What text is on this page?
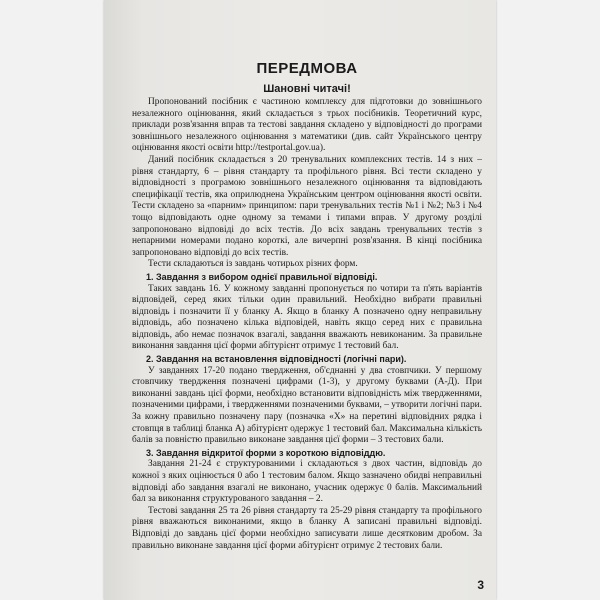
ПЕРЕДМОВА
Шановні читачі!

Пропонований посібник є частиною комплексу для підготовки до зовнішнього незалежного оцінювання, який складається з трьох посібників. Теоретичний курс, приклади розв'язання вправ та тестові завдання складено у відповідності до програми зовнішнього незалежного оцінювання з математики (див. сайт Українського центру оцінювання якості освіти http://testportal.gov.ua).

Даний посібник складається з 20 тренувальних комплексних тестів. 14 з них – рівня стандарту, 6 – рівня стандарту та профільного рівня. Всі тести складено у відповідності з програмою зовнішнього незалежного оцінювання та відповідають специфікації тестів, яка оприлюднена Українським центром оцінювання якості освіти. Тести складено за «парним» принципом: пари тренувальних тестів №1 і №2; №3 і №4 тощо відповідають одне одному за темами і типами вправ. У другому розділі запропоновано відповіді до всіх тестів. До всіх завдань тренувальних тестів з непарними номерами подано короткі, але вичерпні розв'язання. В кінці посібника запропоновано відповіді до всіх тестів.

Тести складаються із завдань чотирьох різних форм.

1. Завдання з вибором однієї правильної відповіді.

Таких завдань 16. У кожному завданні пропонується по чотири та п'ять варіантів відповідей, серед яких тільки один правильний. Необхідно вибрати правильні відповідь і позначити її у бланку А. Якщо в бланку А позначено одну неправильну відповідь, або позначено кілька відповідей, навіть якщо серед них є правильна відповідь, або немає позначок взагалі, завдання вважають невиконаним. За правильне виконання завдання цієї форми абітурієнт отримує 1 тестовий бал.

2. Завдання на встановлення відповідності (логічні пари).

У завданнях 17-20 подано твердження, об'єднанні у два стовпчики. У першому стовпчику твердження позначені цифрами (1-3), у другому буквами (А-Д). При виконанні завдань цієї форми, необхідно встановити відповідність між твердженнями, позначеними цифрами, і твердженнями позначеними буквами, – утворити логічні пари. За кожну правильно позначену пару (позначка «X» на перетині відповідних рядка і стовпця в таблиці бланка А) абітурієнт одержує 1 тестовий бал. Максимальна кількість балів за повністю правильно виконане завдання цієї форми – 3 тестових бали.

3. Завдання відкритої форми з короткою відповіддю.

Завдання 21-24 є структурованими і складаються з двох частин, відповідь до кожної з яких оцінюється 0 або 1 тестовим балом. Якщо зазначено обидві неправильні відповіді або завдання взагалі не виконано, учасник одержує 0 балів. Максимальний бал за виконання структурованого завдання – 2.

Тестові завдання 25 та 26 рівня стандарту та 25-29 рівня стандарту та профільного рівня вважаються виконаними, якщо в бланку А записані правильні відповіді. Відповіді до завдань цієї форми необхідно записувати лише десятковим дробом. За правильно виконане завдання цієї форми абітурієнт отримує 2 тестових бали.

3
